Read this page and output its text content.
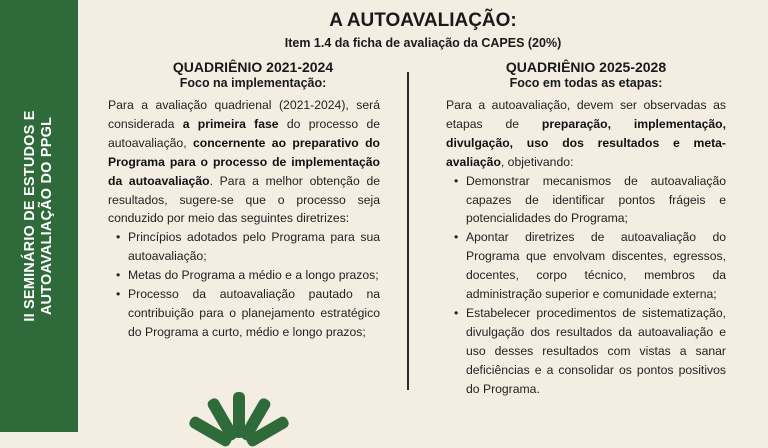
II SEMINÁRIO DE ESTUDOS E AUTOAVALIAÇÃO DO PPGL
A AUTOAVALIAÇÃO:
Item 1.4 da ficha de avaliação da CAPES (20%)
QUADRIÊNIO 2021-2024
Foco na implementação:
QUADRIÊNIO 2025-2028
Foco em todas as etapas:

Para a avaliação quadrienal (2021-2024), será considerada a primeira fase do processo de autoavaliação, concernente ao preparativo do Programa para o processo de implementação da autoavaliação. Para a melhor obtenção de resultados, sugere-se que o processo seja conduzido por meio das seguintes diretrizes:

• Princípios adotados pelo Programa para sua autoavaliação;
• Metas do Programa a médio e a longo prazos;
• Processo da autoavaliação pautado na contribuição para o planejamento estratégico do Programa a curto, médio e longo prazos;

Para a autoavaliação, devem ser observadas as etapas de preparação, implementação, divulgação, uso dos resultados e meta-avaliação, objetivando:

• Demonstrar mecanismos de autoavaliação capazes de identificar pontos frágeis e potencialidades do Programa;
• Apontar diretrizes de autoavaliação do Programa que envolvam discentes, egressos, docentes, corpo técnico, membros da administração superior e comunidade externa;
• Estabelecer procedimentos de sistematização, divulgação dos resultados da autoavaliação e uso desses resultados com vistas a sanar deficiências e a consolidar os pontos positivos do Programa.
